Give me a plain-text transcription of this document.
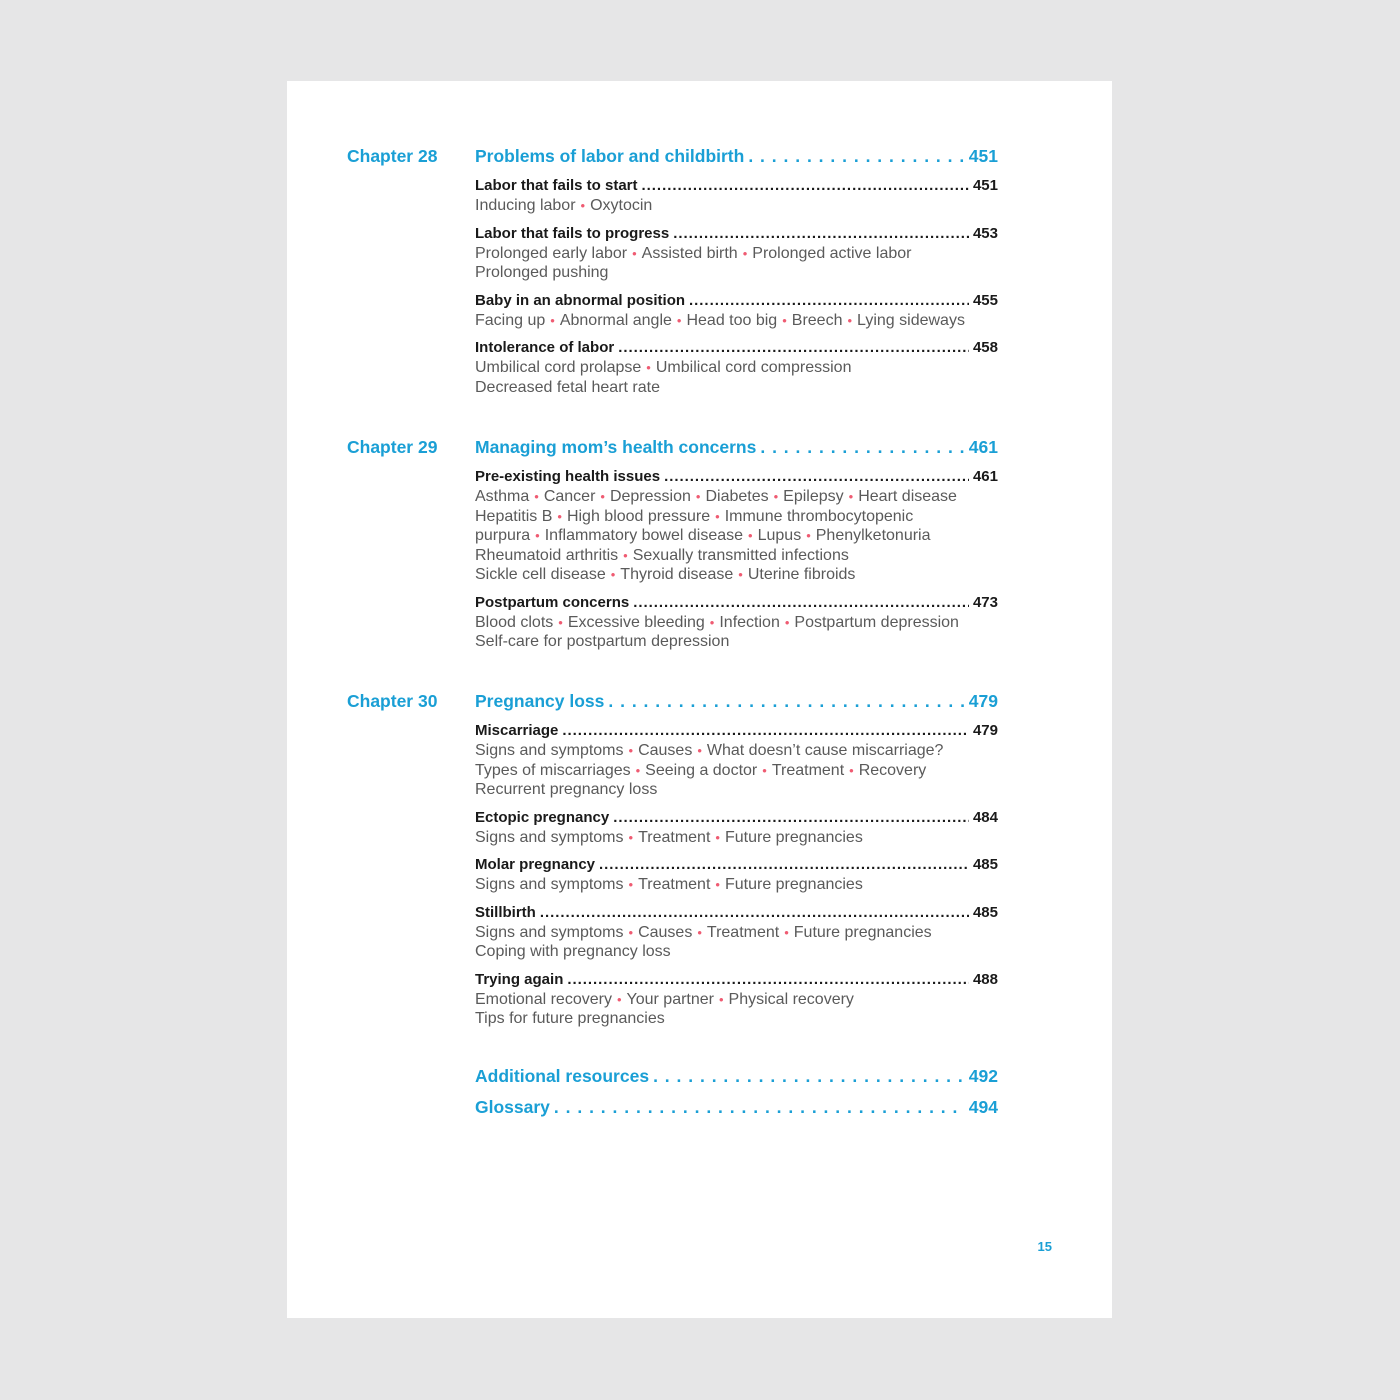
Chapter 28 Problems of labor and childbirth . . .	451
Labor that fails to start . . .	451
Inducing labor • Oxytocin
Labor that fails to progress . . .	453
Prolonged early labor • Assisted birth • Prolonged active labor
Prolonged pushing
Baby in an abnormal position . . .	455
Facing up • Abnormal angle • Head too big • Breech • Lying sideways
Intolerance of labor . . .	458
Umbilical cord prolapse • Umbilical cord compression
Decreased fetal heart rate
Chapter 29 Managing mom’s health concerns . . .	461
Pre-existing health issues . . .	461
Asthma • Cancer • Depression • Diabetes • Epilepsy • Heart disease
Hepatitis B • High blood pressure • Immune thrombocytopenic
purpura • Inflammatory bowel disease • Lupus • Phenylketonuria
Rheumatoid arthritis • Sexually transmitted infections
Sickle cell disease • Thyroid disease • Uterine fibroids
Postpartum concerns . . .	473
Blood clots • Excessive bleeding • Infection • Postpartum depression
Self-care for postpartum depression
Chapter 30 Pregnancy loss . . .	479
Miscarriage . . .	479
Signs and symptoms • Causes • What doesn’t cause miscarriage?
Types of miscarriages • Seeing a doctor • Treatment • Recovery
Recurrent pregnancy loss
Ectopic pregnancy . . .	484
Signs and symptoms • Treatment • Future pregnancies
Molar pregnancy . . .	485
Signs and symptoms • Treatment • Future pregnancies
Stillbirth . . .	485
Signs and symptoms • Causes • Treatment • Future pregnancies
Coping with pregnancy loss
Trying again . . .	488
Emotional recovery • Your partner • Physical recovery
Tips for future pregnancies
Additional resources . . .	492
Glossary . . .	494
15
